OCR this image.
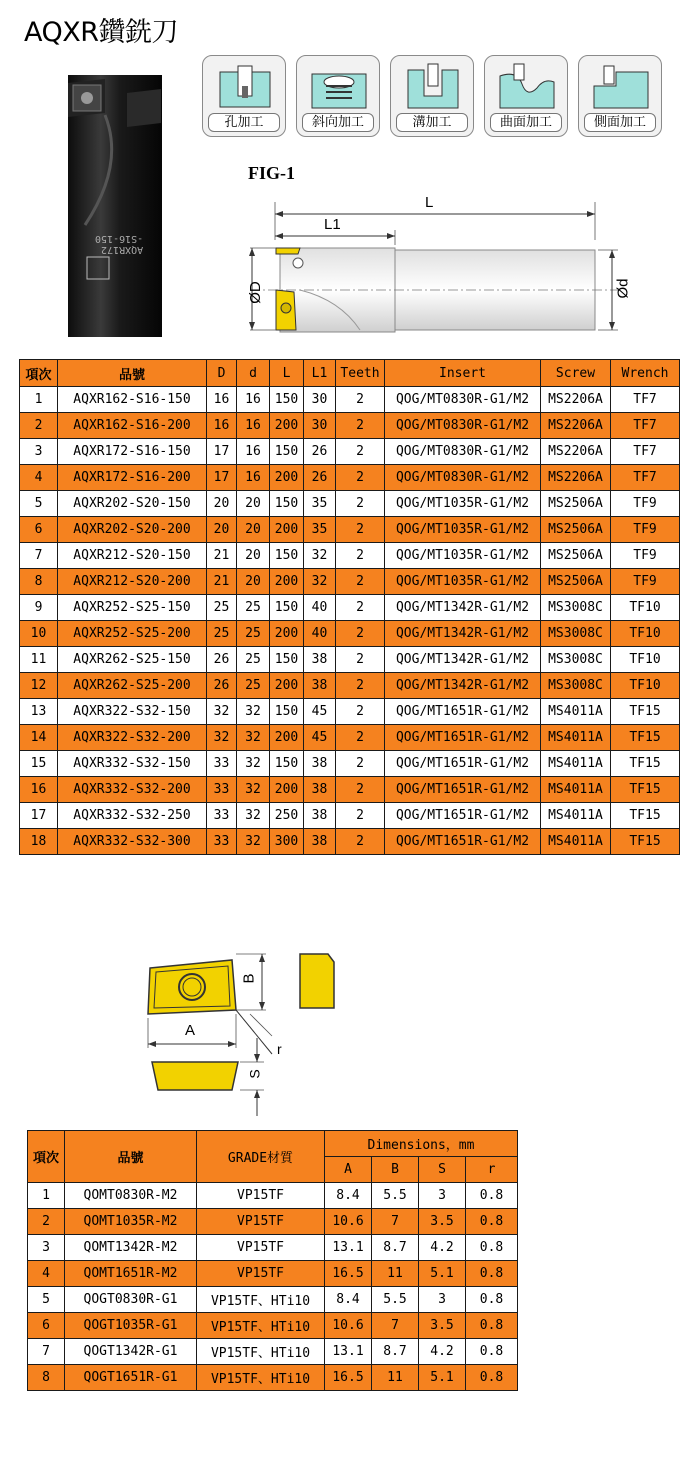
AQXR鑽銑刀
AQXR172
-S16-150
孔加工	斜向加工	溝加工	曲面加工	側面加工
FIG-1
L
L1
ØD	Ød
項次	品號	D	d	L	L1	Teeth	Insert	Screw	Wrench
1	AQXR162-S16-150	16	16	150	30	2	QOG/MT0830R-G1/M2	MS2206A	TF7
2	AQXR162-S16-200	16	16	200	30	2	QOG/MT0830R-G1/M2	MS2206A	TF7
3	AQXR172-S16-150	17	16	150	26	2	QOG/MT0830R-G1/M2	MS2206A	TF7
4	AQXR172-S16-200	17	16	200	26	2	QOG/MT0830R-G1/M2	MS2206A	TF7
5	AQXR202-S20-150	20	20	150	35	2	QOG/MT1035R-G1/M2	MS2506A	TF9
6	AQXR202-S20-200	20	20	200	35	2	QOG/MT1035R-G1/M2	MS2506A	TF9
7	AQXR212-S20-150	21	20	150	32	2	QOG/MT1035R-G1/M2	MS2506A	TF9
8	AQXR212-S20-200	21	20	200	32	2	QOG/MT1035R-G1/M2	MS2506A	TF9
9	AQXR252-S25-150	25	25	150	40	2	QOG/MT1342R-G1/M2	MS3008C	TF10
10	AQXR252-S25-200	25	25	200	40	2	QOG/MT1342R-G1/M2	MS3008C	TF10
11	AQXR262-S25-150	26	25	150	38	2	QOG/MT1342R-G1/M2	MS3008C	TF10
12	AQXR262-S25-200	26	25	200	38	2	QOG/MT1342R-G1/M2	MS3008C	TF10
13	AQXR322-S32-150	32	32	150	45	2	QOG/MT1651R-G1/M2	MS4011A	TF15
14	AQXR322-S32-200	32	32	200	45	2	QOG/MT1651R-G1/M2	MS4011A	TF15
15	AQXR332-S32-150	33	32	150	38	2	QOG/MT1651R-G1/M2	MS4011A	TF15
16	AQXR332-S32-200	33	32	200	38	2	QOG/MT1651R-G1/M2	MS4011A	TF15
17	AQXR332-S32-250	33	32	250	38	2	QOG/MT1651R-G1/M2	MS4011A	TF15
18	AQXR332-S32-300	33	32	300	38	2	QOG/MT1651R-G1/M2	MS4011A	TF15
B
A
r
S
項次	品號	GRADE材質	Dimensions，mm			
			A	B	S	r
1	QOMT0830R-M2	VP15TF	8.4	5.5	3	0.8
2	QOMT1035R-M2	VP15TF	10.6	7	3.5	0.8
3	QOMT1342R-M2	VP15TF	13.1	8.7	4.2	0.8
4	QOMT1651R-M2	VP15TF	16.5	11	5.1	0.8
5	QOGT0830R-G1	VP15TF、HTi10	8.4	5.5	3	0.8
6	QOGT1035R-G1	VP15TF、HTi10	10.6	7	3.5	0.8
7	QOGT1342R-G1	VP15TF、HTi10	13.1	8.7	4.2	0.8
8	QOGT1651R-G1	VP15TF、HTi10	16.5	11	5.1	0.8
